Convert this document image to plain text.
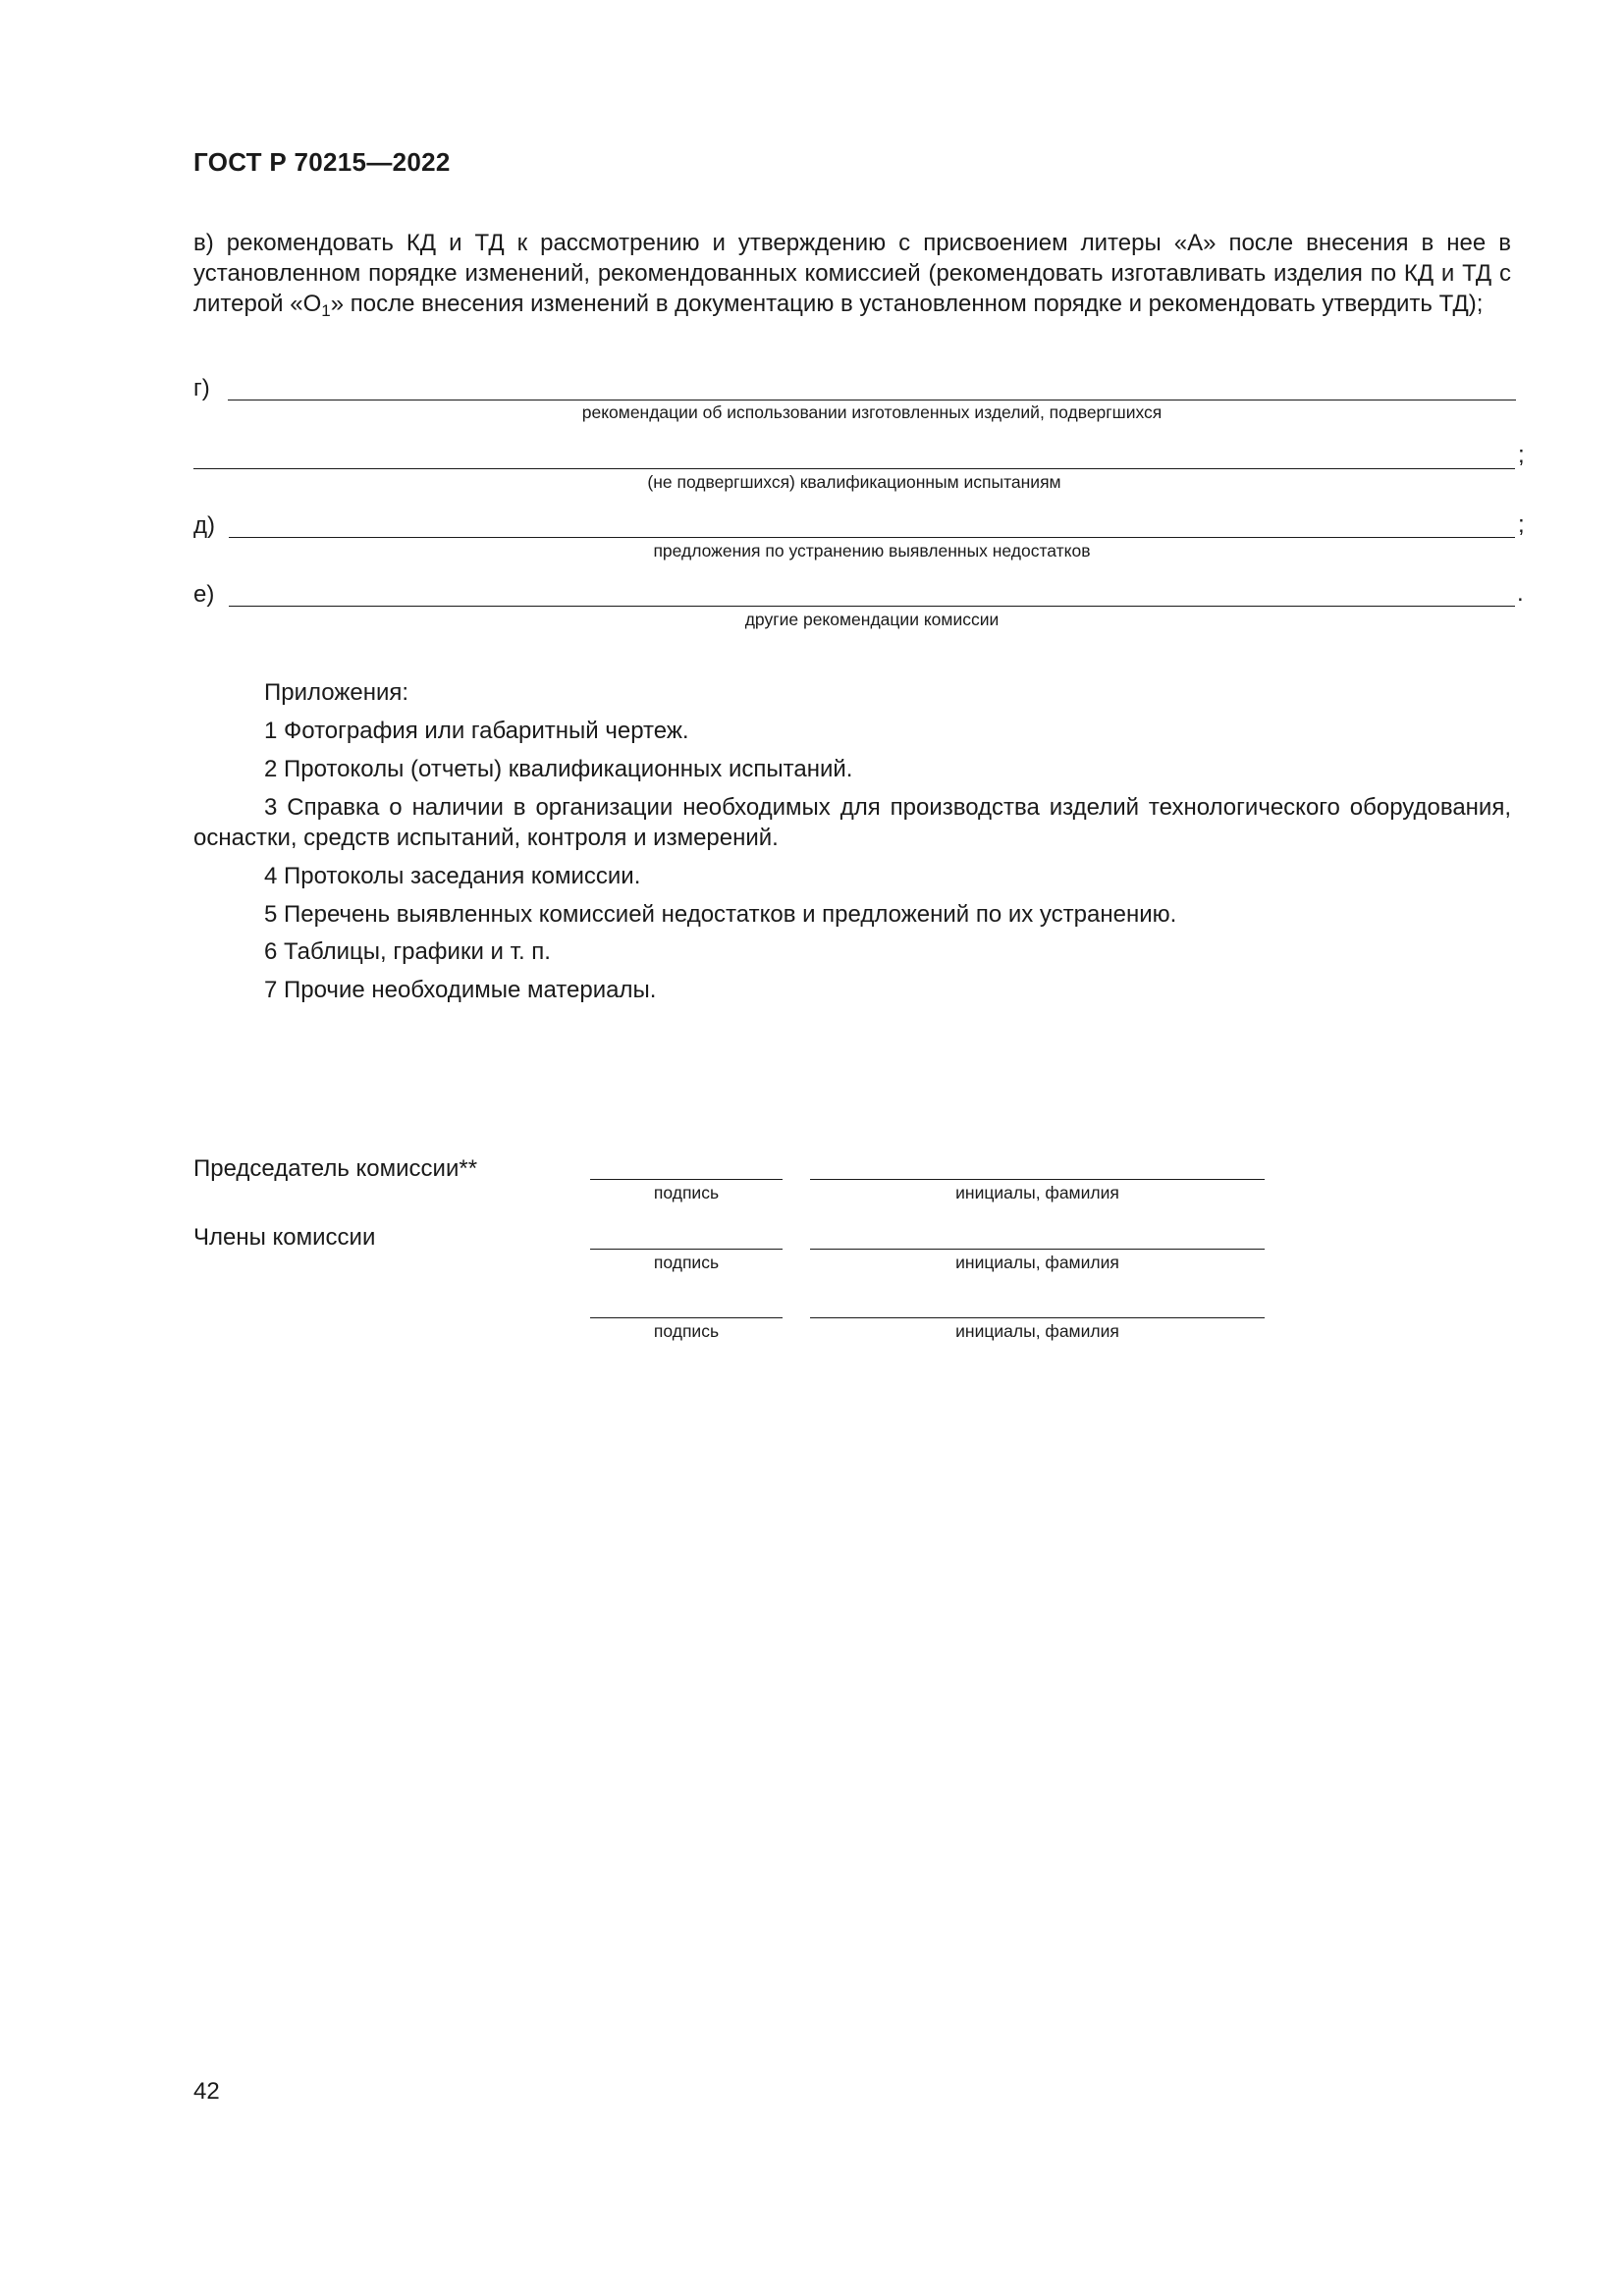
ГОСТ Р 70215—2022
в) рекомендовать КД и ТД к рассмотрению и утверждению с присвоением литеры «А» после внесения в нее в установленном порядке изменений, рекомендованных комиссией (рекомендовать изготавливать изделия по КД и ТД с литерой «$О_1$» после внесения изменений в документацию в установленном порядке и рекомендовать утвердить ТД);
г)
рекомендации об использовании изготовленных изделий, подвергшихся
;
(не подвергшихся) квалификационным испытаниям
д)	;
предложения по устранению выявленных недостатков
е)	.
другие рекомендации комиссии
Приложения:
1 Фотография или габаритный чертеж.
2 Протоколы (отчеты) квалификационных испытаний.
3 Справка о наличии в организации необходимых для производства изделий технологического оборудования, оснастки, средств испытаний, контроля и измерений.
4 Протоколы заседания комиссии.
5 Перечень выявленных комиссией недостатков и предложений по их устранению.
6 Таблицы, графики и т. п.
7 Прочие необходимые материалы.
Председатель комиссии**
подпись	инициалы, фамилия
Члены комиссии
подпись	инициалы, фамилия
подпись	инициалы, фамилия
42
